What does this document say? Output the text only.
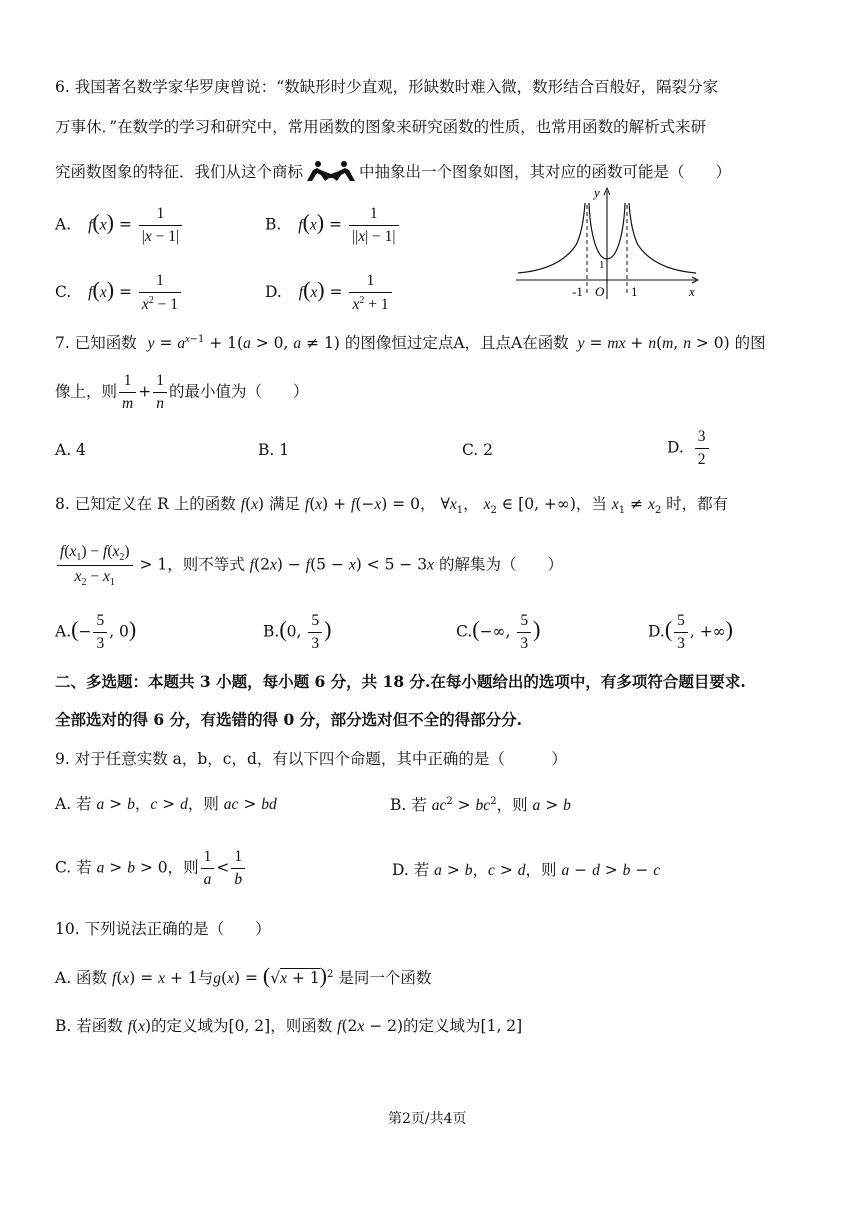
6. 我国著名数学家华罗庚曾说：“数缺形时少直观，形缺数时难入微，数形结合百般好，隔裂分家
万事休．”在数学的学习和研究中，常用函数的图象来研究函数的性质，也常用函数的解析式来研
究函数图象的特征．我们从这个商标	中抽象出一个图象如图，其对应的函数可能是（　　）
A. $f(x) = \frac{1}{|x - 1|}$	B. $f(x) = \frac{1}{||x| - 1|}$
C. $f(x) = \frac{1}{x^2 - 1}$	D. $f(x) = \frac{1}{x^2 + 1}$
y
x
-1 O 1
1
7. 已知函数 $y = a^{x-1} + 1(a > 0$, a ≠ 1) 的图像恒过定点A，且点A在函数 y = mx + n(m, n > 0) 的图
像上，则 $\frac{1}{m} + \frac{1}{n}$ 的最小值为（　　）
A. 4	B. 1	C. 2	D. $\frac{3}{2}$
8. 已知定义在 R 上的函数 f(x) 满足 f(x) + f(−x) = 0， $\forall x_1$， $x_2$ ∈ [0, +∞)，当 $x_1 \ne x_2$ 时，都有
$\frac{f(x_1) - f(x_2)}{x_2 - x_1} > 1$，则不等式 f(2x) − f(5 − x) < 5 − 3x 的解集为（　　）
$A.(- \frac{5}{3}$ , 0)	B.(0, $\frac{5}{3}$ )	C.(−∞, $\frac{5}{3}$ )	$D.( \frac{5}{3}$ , +∞)
二、多选题：本题共 3 小题，每小题 6 分，共 18 分.在每小题给出的选项中，有多项符合题目要求.
全部选对的得 6 分，有选错的得 0 分，部分选对但不全的得部分分.
9. 对于任意实数 a，b，c，d，有以下四个命题，其中正确的是（　　　）
A. 若 a > b，c > d，则 ac > bd	B. 若 $ac^2 > bc^2$，则 a > b
C. 若 a > b > 0，则 $\frac{1}{a} < \frac{1}{b}$	D. 若 a > b，c > d，则 a − d > b − c
10. 下列说法正确的是（　　）
A. 函数 f(x) = x + 1与$g(x) = (√x + 1)^2$ 是同一个函数
B. 若函数 f(x)的定义域为[0, 2]，则函数 f(2x − 2)的定义域为[1, 2]
第2页/共4页
